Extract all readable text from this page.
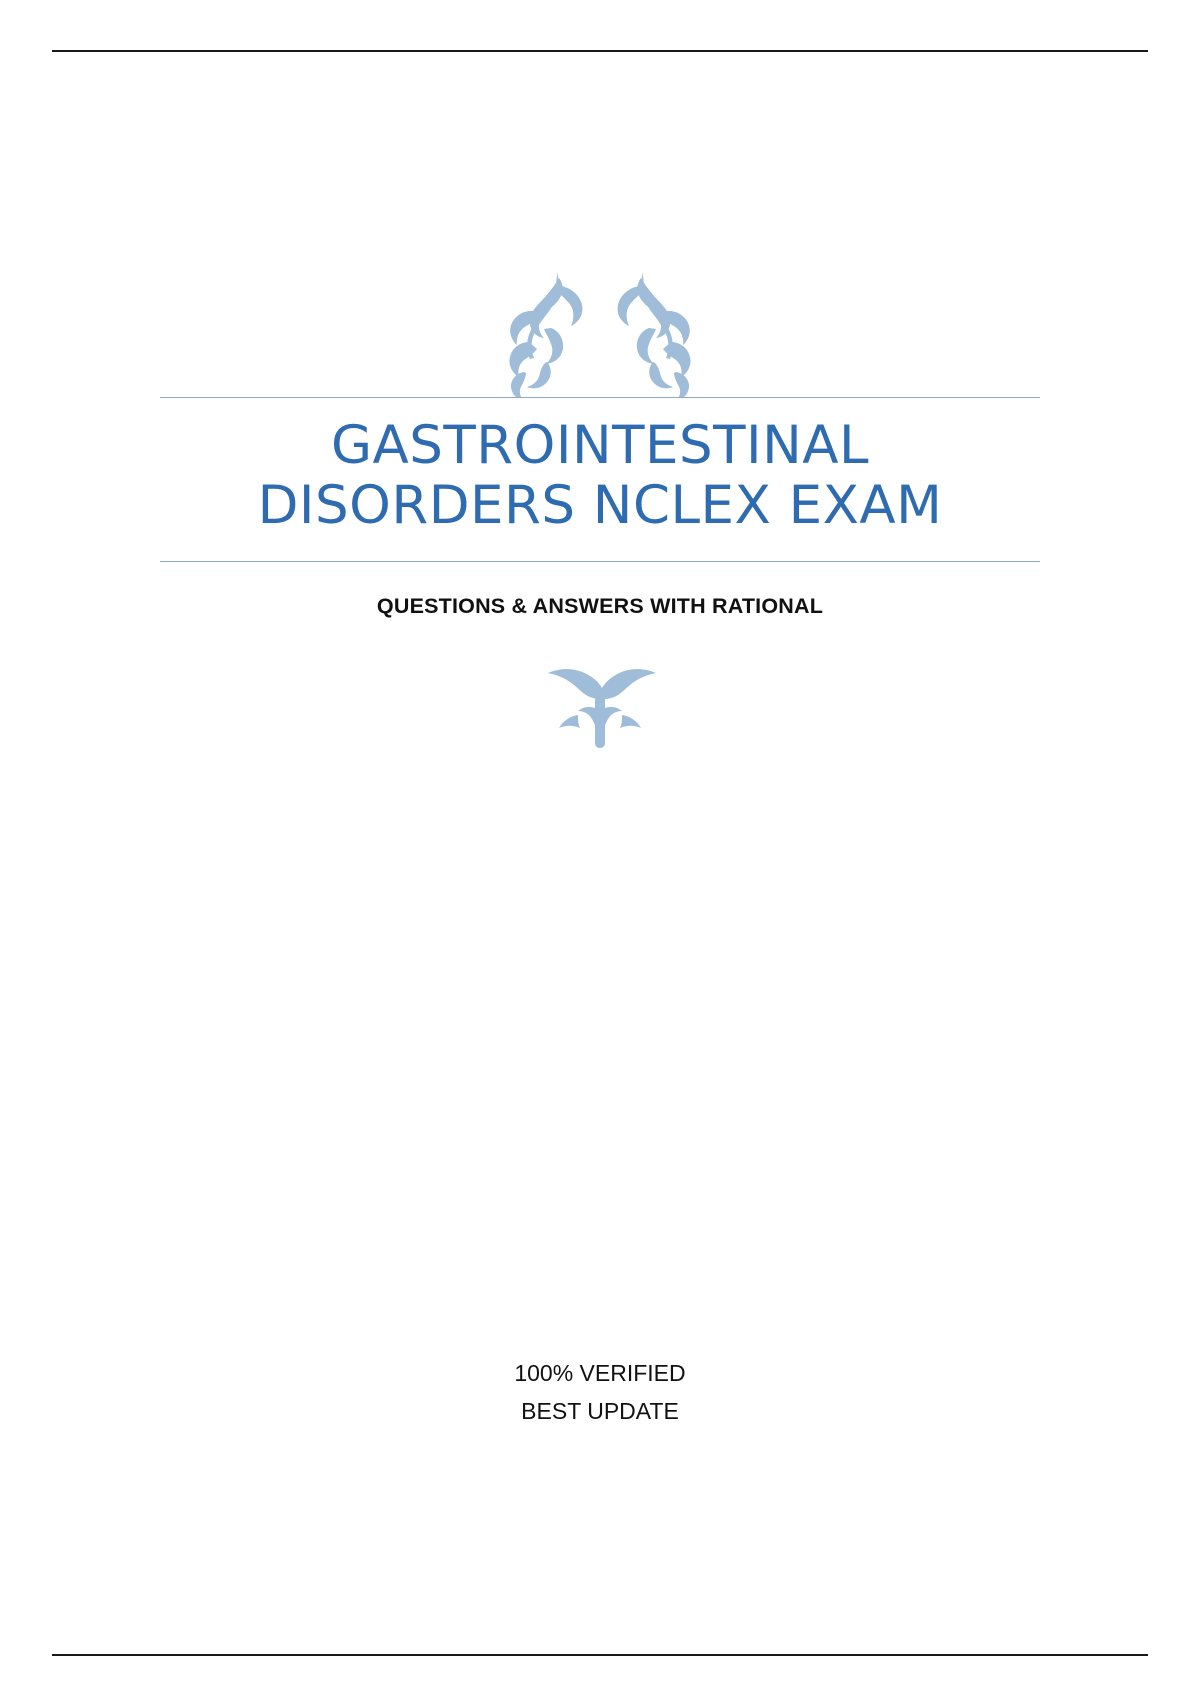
GASTROINTESTINAL DISORDERS NCLEX EXAM
QUESTIONS & ANSWERS WITH RATIONAL
100% VERIFIED
BEST UPDATE
